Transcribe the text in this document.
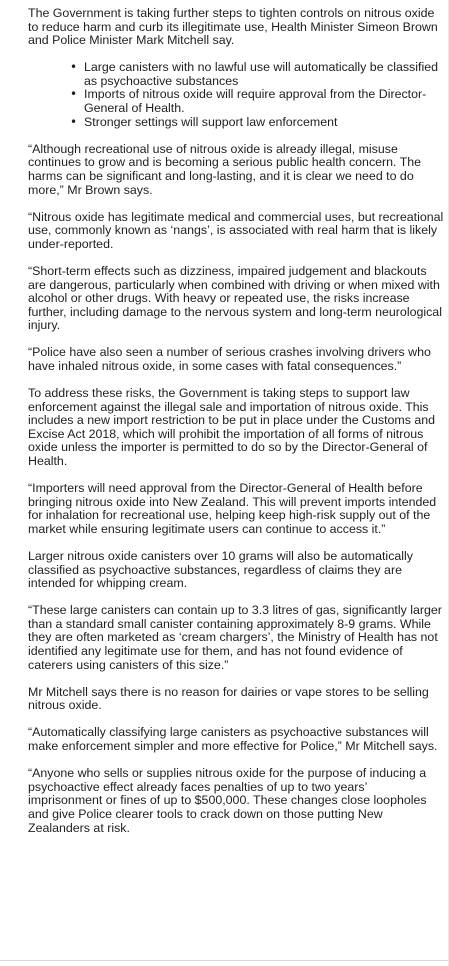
The Government is taking further steps to tighten controls on nitrous oxide to reduce harm and curb its illegitimate use, Health Minister Simeon Brown and Police Minister Mark Mitchell say.

• Large canisters with no lawful use will automatically be classified as psychoactive substances
• Imports of nitrous oxide will require approval from the Director-General of Health.
• Stronger settings will support law enforcement

“Although recreational use of nitrous oxide is already illegal, misuse continues to grow and is becoming a serious public health concern. The harms can be significant and long-lasting, and it is clear we need to do more,” Mr Brown says.

“Nitrous oxide has legitimate medical and commercial uses, but recreational use, commonly known as ‘nangs’, is associated with real harm that is likely under-reported.

“Short-term effects such as dizziness, impaired judgement and blackouts are dangerous, particularly when combined with driving or when mixed with alcohol or other drugs. With heavy or repeated use, the risks increase further, including damage to the nervous system and long-term neurological injury.

“Police have also seen a number of serious crashes involving drivers who have inhaled nitrous oxide, in some cases with fatal consequences.”

To address these risks, the Government is taking steps to support law enforcement against the illegal sale and importation of nitrous oxide. This includes a new import restriction to be put in place under the Customs and Excise Act 2018, which will prohibit the importation of all forms of nitrous oxide unless the importer is permitted to do so by the Director-General of Health.

“Importers will need approval from the Director-General of Health before bringing nitrous oxide into New Zealand. This will prevent imports intended for inhalation for recreational use, helping keep high-risk supply out of the market while ensuring legitimate users can continue to access it.”

Larger nitrous oxide canisters over 10 grams will also be automatically classified as psychoactive substances, regardless of claims they are intended for whipping cream.

“These large canisters can contain up to 3.3 litres of gas, significantly larger than a standard small canister containing approximately 8-9 grams. While they are often marketed as ‘cream chargers’, the Ministry of Health has not identified any legitimate use for them, and has not found evidence of caterers using canisters of this size.”

Mr Mitchell says there is no reason for dairies or vape stores to be selling nitrous oxide.

“Automatically classifying large canisters as psychoactive substances will make enforcement simpler and more effective for Police,” Mr Mitchell says.

“Anyone who sells or supplies nitrous oxide for the purpose of inducing a psychoactive effect already faces penalties of up to two years’ imprisonment or fines of up to $500,000. These changes close loopholes and give Police clearer tools to crack down on those putting New Zealanders at risk.
